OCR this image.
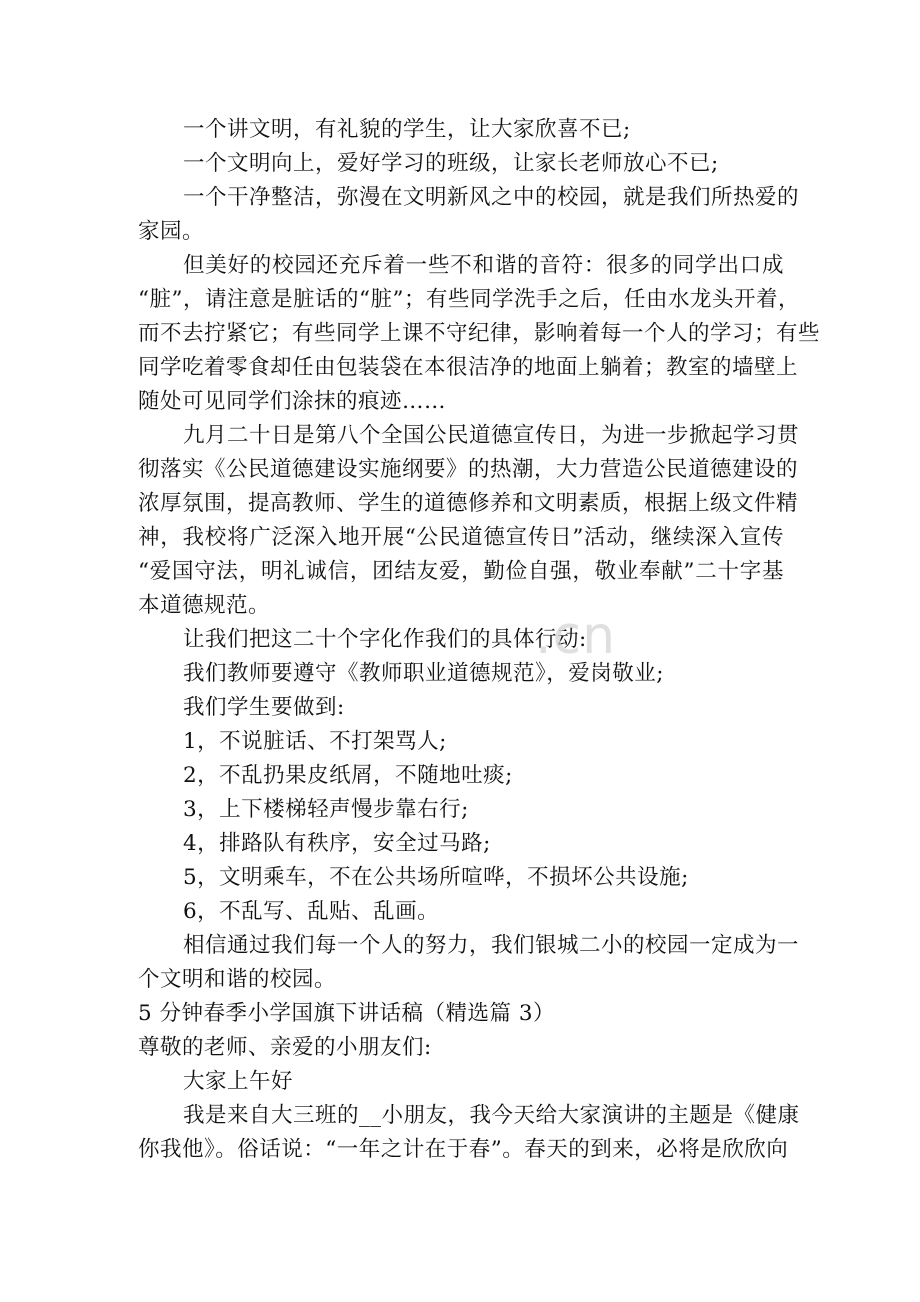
一个讲文明，有礼貌的学生，让大家欣喜不已;

一个文明向上，爱好学习的班级，让家长老师放心不已;

一个干净整洁，弥漫在文明新风之中的校园，就是我们所热爱的

家园。

但美好的校园还充斥着一些不和谐的音符：很多的同学出口成

“脏”，请注意是脏话的“脏”；有些同学洗手之后，任由水龙头开着，

而不去拧紧它；有些同学上课不守纪律，影响着每一个人的学习；有些

同学吃着零食却任由包装袋在本很洁净的地面上躺着；教室的墙壁上

随处可见同学们涂抹的痕迹……

九月二十日是第八个全国公民道德宣传日，为进一步掀起学习贯

彻落实《公民道德建设实施纲要》的热潮，大力营造公民道德建设的

浓厚氛围，提高教师、学生的道德修养和文明素质，根据上级文件精

神，我校将广泛深入地开展“公民道德宣传日”活动，继续深入宣传

“爱国守法，明礼诚信，团结友爱，勤俭自强，敬业奉献”二十字基

本道德规范。

让我们把这二十个字化作我们的具体行动:

我们教师要遵守《教师职业道德规范》，爱岗敬业;

我们学生要做到:

1，不说脏话、不打架骂人;

2，不乱扔果皮纸屑，不随地吐痰;

3，上下楼梯轻声慢步靠右行;

4，排路队有秩序，安全过马路;

5，文明乘车，不在公共场所喧哗，不损坏公共设施;

6，不乱写、乱贴、乱画。

相信通过我们每一个人的努力，我们银城二小的校园一定成为一

个文明和谐的校园。

5 分钟春季小学国旗下讲话稿（精选篇 3）

尊敬的老师、亲爱的小朋友们:

大家上午好

我是来自大三班的__小朋友，我今天给大家演讲的主题是《健康

你我他》。俗话说：“一年之计在于春”。春天的到来，必将是欣欣向

.cn
